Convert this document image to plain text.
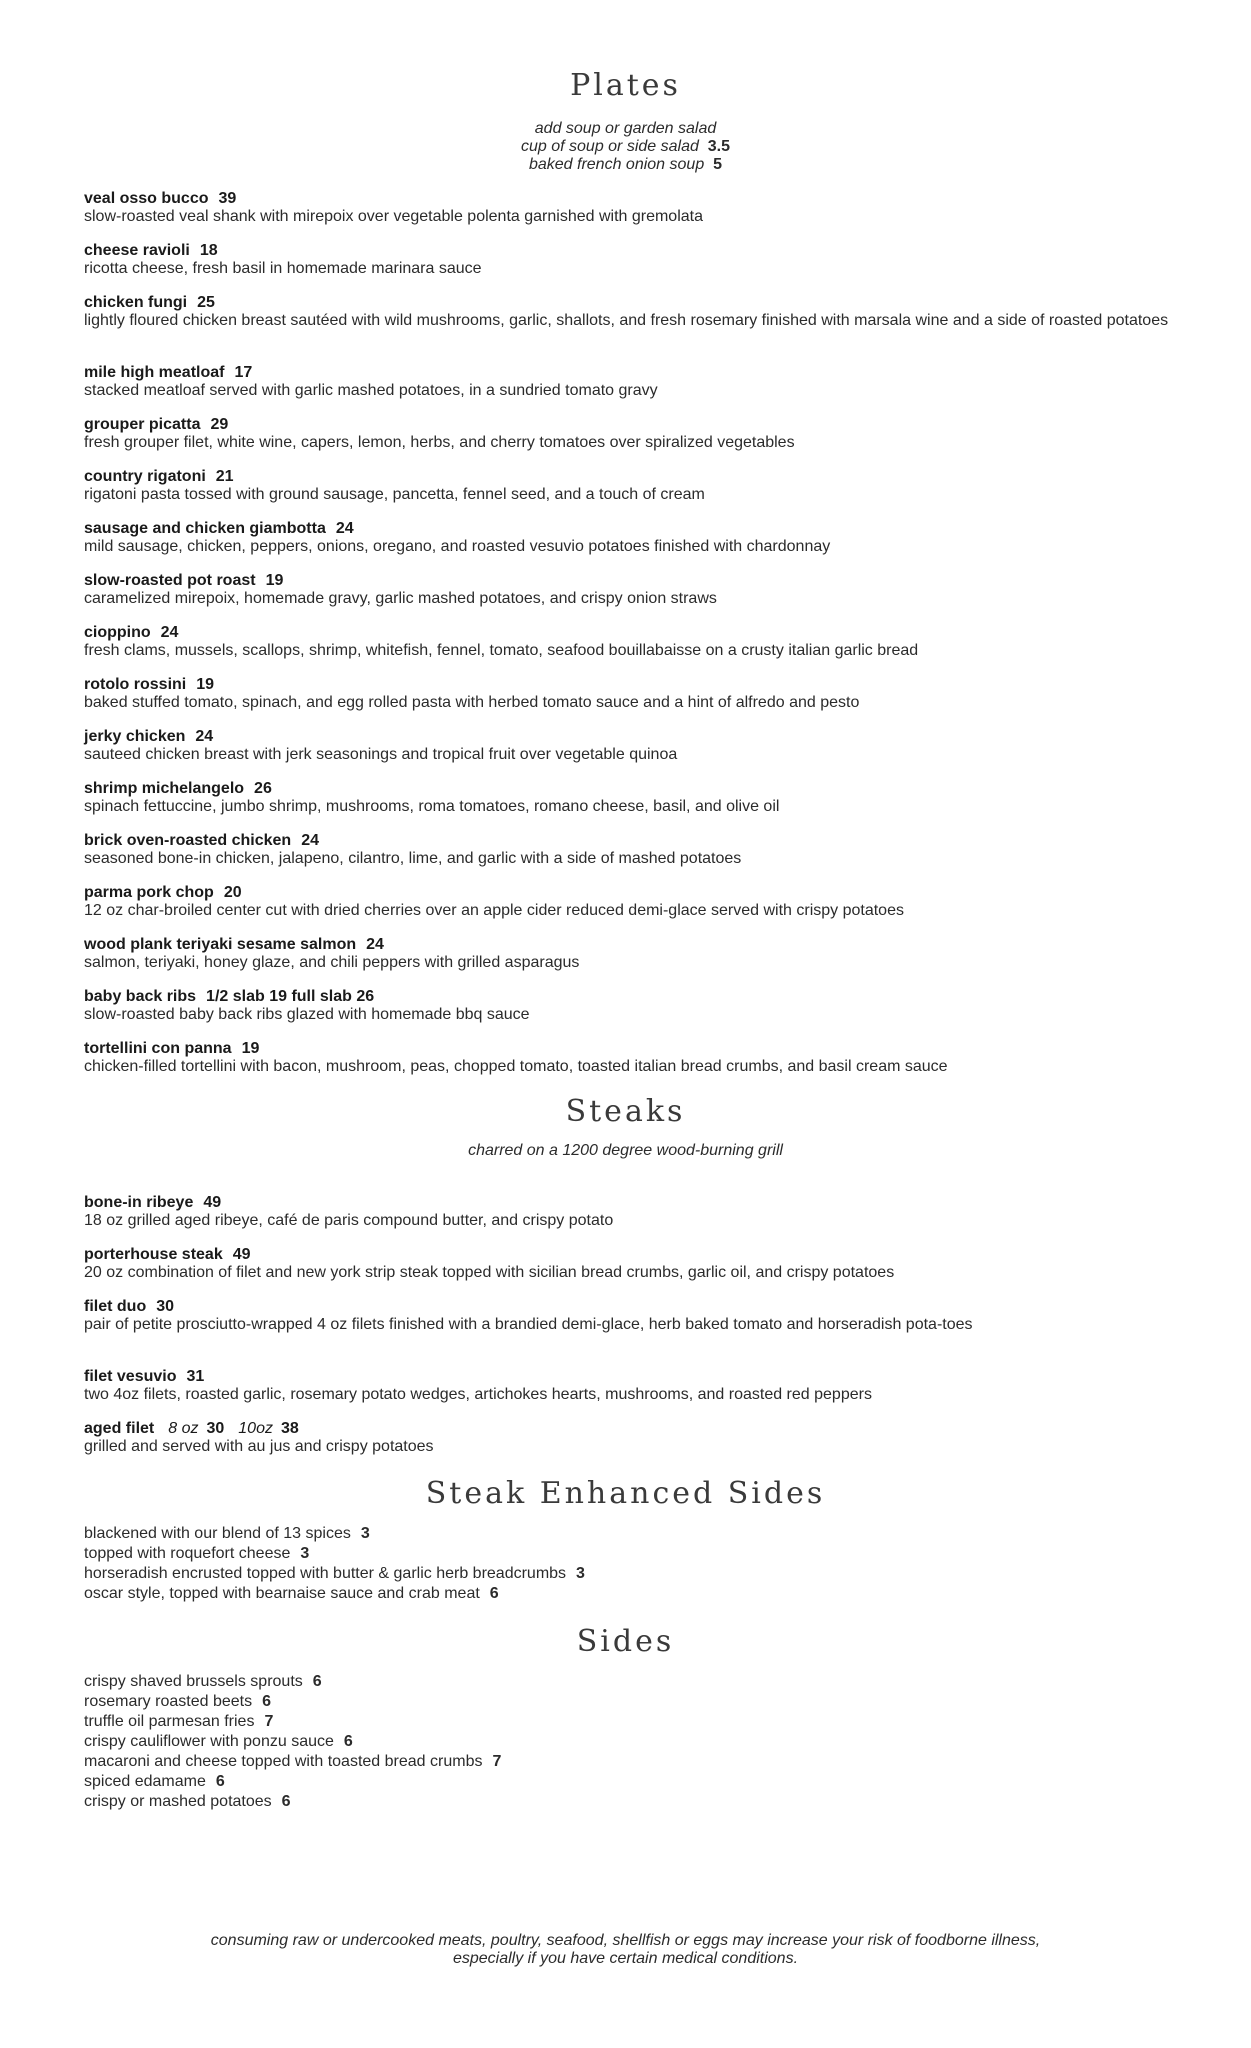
Plates
add soup or garden salad
cup of soup or side salad 3.5
baked french onion soup 5
veal osso bucco 39
slow-roasted veal shank with mirepoix over vegetable polenta garnished with gremolata
cheese ravioli 18
ricotta cheese, fresh basil in homemade marinara sauce
chicken fungi 25
lightly floured chicken breast sautéed with wild mushrooms, garlic, shallots, and fresh rosemary finished with marsala wine and a side of roasted potatoes
mile high meatloaf 17
stacked meatloaf served with garlic mashed potatoes, in a sundried tomato gravy
grouper picatta 29
fresh grouper filet, white wine, capers, lemon, herbs, and cherry tomatoes over spiralized vegetables
country rigatoni 21
rigatoni pasta tossed with ground sausage, pancetta, fennel seed, and a touch of cream
sausage and chicken giambotta 24
mild sausage, chicken, peppers, onions, oregano, and roasted vesuvio potatoes finished with chardonnay
slow-roasted pot roast 19
caramelized mirepoix, homemade gravy, garlic mashed potatoes, and crispy onion straws
cioppino 24
fresh clams, mussels, scallops, shrimp, whitefish, fennel, tomato, seafood bouillabaisse on a crusty italian garlic bread
rotolo rossini 19
baked stuffed tomato, spinach, and egg rolled pasta with herbed tomato sauce and a hint of alfredo and pesto
jerky chicken 24
sauteed chicken breast with jerk seasonings and tropical fruit over vegetable quinoa
shrimp michelangelo 26
spinach fettuccine, jumbo shrimp, mushrooms, roma tomatoes, romano cheese, basil, and olive oil
brick oven-roasted chicken 24
seasoned bone-in chicken, jalapeno, cilantro, lime, and garlic with a side of mashed potatoes
parma pork chop 20
12 oz char-broiled center cut with dried cherries over an apple cider reduced demi-glace served with crispy potatoes
wood plank teriyaki sesame salmon 24
salmon, teriyaki, honey glaze, and chili peppers with grilled asparagus
baby back ribs 1/2 slab 19 full slab 26
slow-roasted baby back ribs glazed with homemade bbq sauce
tortellini con panna 19
chicken-filled tortellini with bacon, mushroom, peas, chopped tomato, toasted italian bread crumbs, and basil cream sauce
Steaks
charred on a 1200 degree wood-burning grill
bone-in ribeye 49
18 oz grilled aged ribeye, café de paris compound butter, and crispy potato
porterhouse steak 49
20 oz combination of filet and new york strip steak topped with sicilian bread crumbs, garlic oil, and crispy potatoes
filet duo 30
pair of petite prosciutto-wrapped 4 oz filets finished with a brandied demi-glace, herb baked tomato and horseradish pota-toes
filet vesuvio 31
two 4oz filets, roasted garlic, rosemary potato wedges, artichokes hearts, mushrooms, and roasted red peppers
aged filet 8 oz 30 10oz 38
grilled and served with au jus and crispy potatoes
Steak Enhanced Sides
blackened with our blend of 13 spices 3
topped with roquefort cheese 3
horseradish encrusted topped with butter & garlic herb breadcrumbs 3
oscar style, topped with bearnaise sauce and crab meat 6
Sides
crispy shaved brussels sprouts 6
rosemary roasted beets 6
truffle oil parmesan fries 7
crispy cauliflower with ponzu sauce 6
macaroni and cheese topped with toasted bread crumbs 7
spiced edamame 6
crispy or mashed potatoes 6
consuming raw or undercooked meats, poultry, seafood, shellfish or eggs may increase your risk of foodborne illness,
especially if you have certain medical conditions.
